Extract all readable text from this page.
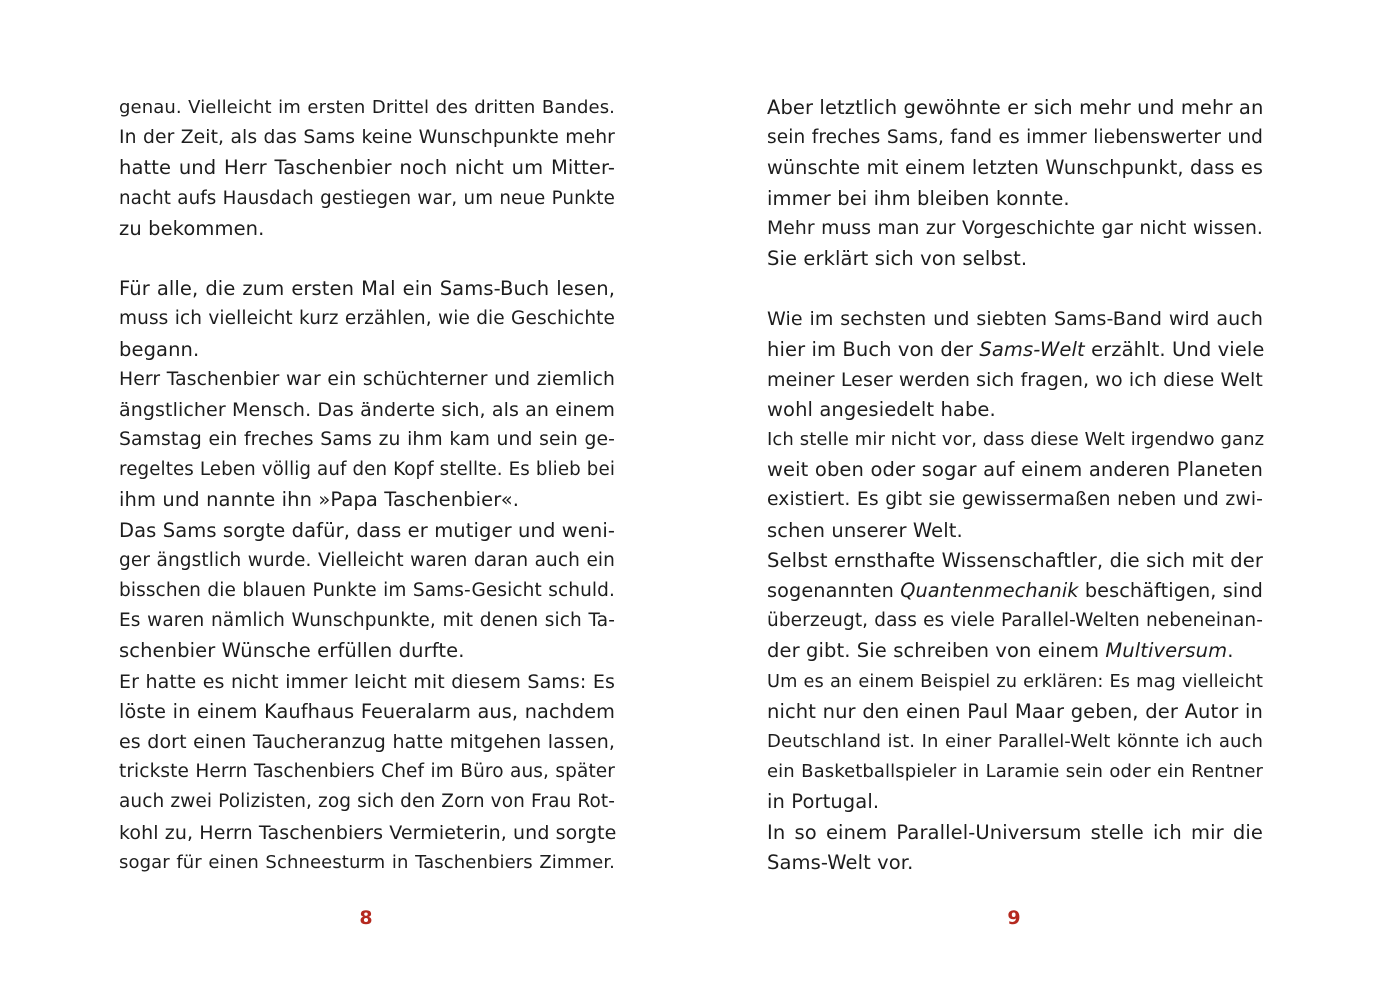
genau. Vielleicht im ersten Drittel des dritten Bandes.
In der Zeit, als das Sams keine Wunschpunkte mehr
hatte und Herr Taschenbier noch nicht um Mitter-
nacht aufs Hausdach gestiegen war, um neue Punkte
zu bekommen.
Für alle, die zum ersten Mal ein Sams-Buch lesen,
muss ich vielleicht kurz erzählen, wie die Geschichte
begann.
Herr Taschenbier war ein schüchterner und ziemlich
ängstlicher Mensch. Das änderte sich, als an einem
Samstag ein freches Sams zu ihm kam und sein ge-
regeltes Leben völlig auf den Kopf stellte. Es blieb bei
ihm und nannte ihn »Papa Taschenbier«.
Das Sams sorgte dafür, dass er mutiger und weni-
ger ängstlich wurde. Vielleicht waren daran auch ein
bisschen die blauen Punkte im Sams-Gesicht schuld.
Es waren nämlich Wunschpunkte, mit denen sich Ta-
schenbier Wünsche erfüllen durfte.
Er hatte es nicht immer leicht mit diesem Sams: Es
löste in einem Kaufhaus Feueralarm aus, nachdem
es dort einen Taucheranzug hatte mitgehen lassen,
trickste Herrn Taschenbiers Chef im Büro aus, später
auch zwei Polizisten, zog sich den Zorn von Frau Rot-
kohl zu, Herrn Taschenbiers Vermieterin, und sorgte
sogar für einen Schneesturm in Taschenbiers Zimmer.
Aber letztlich gewöhnte er sich mehr und mehr an
sein freches Sams, fand es immer liebenswerter und
wünschte mit einem letzten Wunschpunkt, dass es
immer bei ihm bleiben konnte.
Mehr muss man zur Vorgeschichte gar nicht wissen.
Sie erklärt sich von selbst.
Wie im sechsten und siebten Sams-Band wird auch
hier im Buch von der Sams-Welt erzählt. Und viele
meiner Leser werden sich fragen, wo ich diese Welt
wohl angesiedelt habe.
Ich stelle mir nicht vor, dass diese Welt irgendwo ganz
weit oben oder sogar auf einem anderen Planeten
existiert. Es gibt sie gewissermaßen neben und zwi-
schen unserer Welt.
Selbst ernsthafte Wissenschaftler, die sich mit der
sogenannten Quantenmechanik beschäftigen, sind
überzeugt, dass es viele Parallel-Welten nebeneinan-
der gibt. Sie schreiben von einem Multiversum.
Um es an einem Beispiel zu erklären: Es mag vielleicht
nicht nur den einen Paul Maar geben, der Autor in
Deutschland ist. In einer Parallel-Welt könnte ich auch
ein Basketballspieler in Laramie sein oder ein Rentner
in Portugal.
In so einem Parallel-Universum stelle ich mir die
Sams-Welt vor.
8	9
